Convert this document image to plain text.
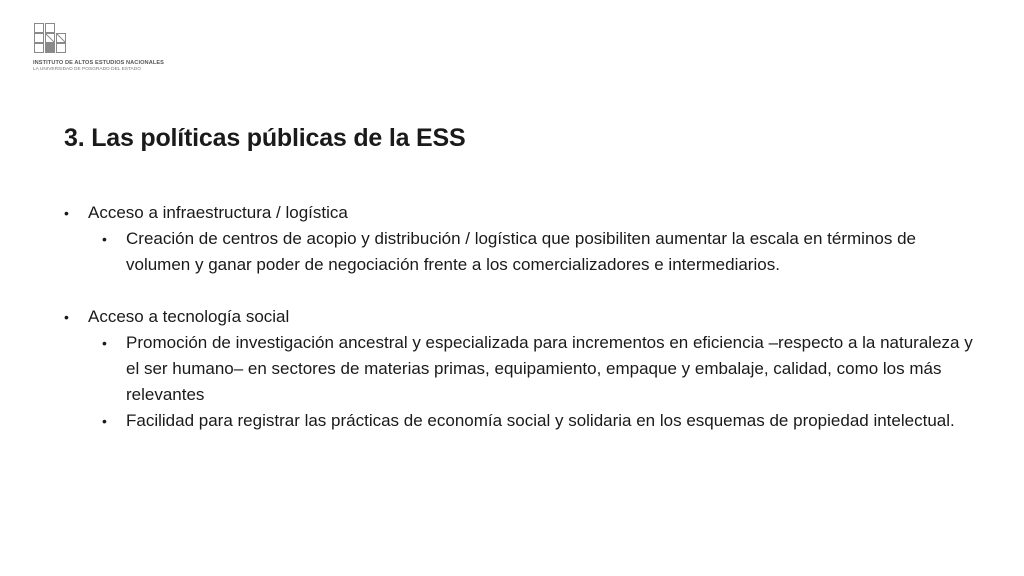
INSTITUTO DE ALTOS ESTUDIOS NACIONALES
LA UNIVERSIDAD DE POSGRADO DEL ESTADO
3. Las políticas públicas de la ESS
• Acceso a infraestructura / logística
• Creación de centros de acopio y distribución / logística que posibiliten aumentar la escala en términos de volumen y ganar poder de negociación frente a los comercializadores e intermediarios.
• Acceso a tecnología social
• Promoción de investigación ancestral y especializada para incrementos en eficiencia –respecto a la naturaleza y el ser humano– en sectores de materias primas, equipamiento, empaque y embalaje, calidad, como los más relevantes
• Facilidad para registrar las prácticas de economía social y solidaria en los esquemas de propiedad intelectual.
